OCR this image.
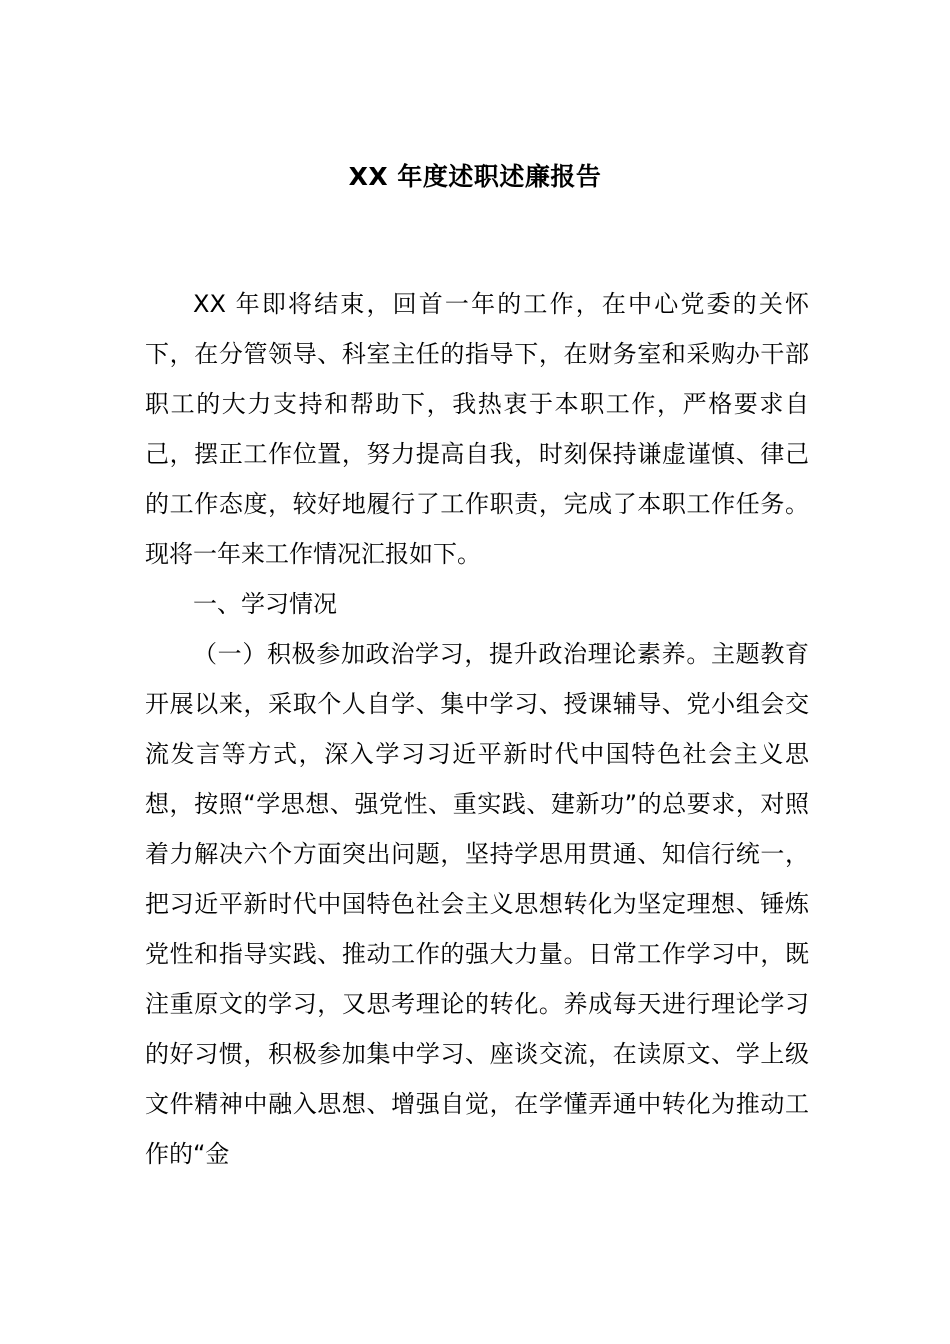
XX 年度述职述廉报告

XX 年即将结束，回首一年的工作，在中心党委的关怀下，在分管领导、科室主任的指导下，在财务室和采购办干部职工的大力支持和帮助下，我热衷于本职工作，严格要求自己，摆正工作位置，努力提高自我，时刻保持谦虚谨慎、律己的工作态度，较好地履行了工作职责，完成了本职工作任务。现将一年来工作情况汇报如下。

一、学习情况

（一）积极参加政治学习，提升政治理论素养。主题教育开展以来，采取个人自学、集中学习、授课辅导、党小组会交流发言等方式，深入学习习近平新时代中国特色社会主义思想，按照“学思想、强党性、重实践、建新功”的总要求，对照着力解决六个方面突出问题，坚持学思用贯通、知信行统一，把习近平新时代中国特色社会主义思想转化为坚定理想、锤炼党性和指导实践、推动工作的强大力量。日常工作学习中，既注重原文的学习，又思考理论的转化。养成每天进行理论学习的好习惯，积极参加集中学习、座谈交流，在读原文、学上级文件精神中融入思想、增强自觉，在学懂弄通中转化为推动工作的“金
